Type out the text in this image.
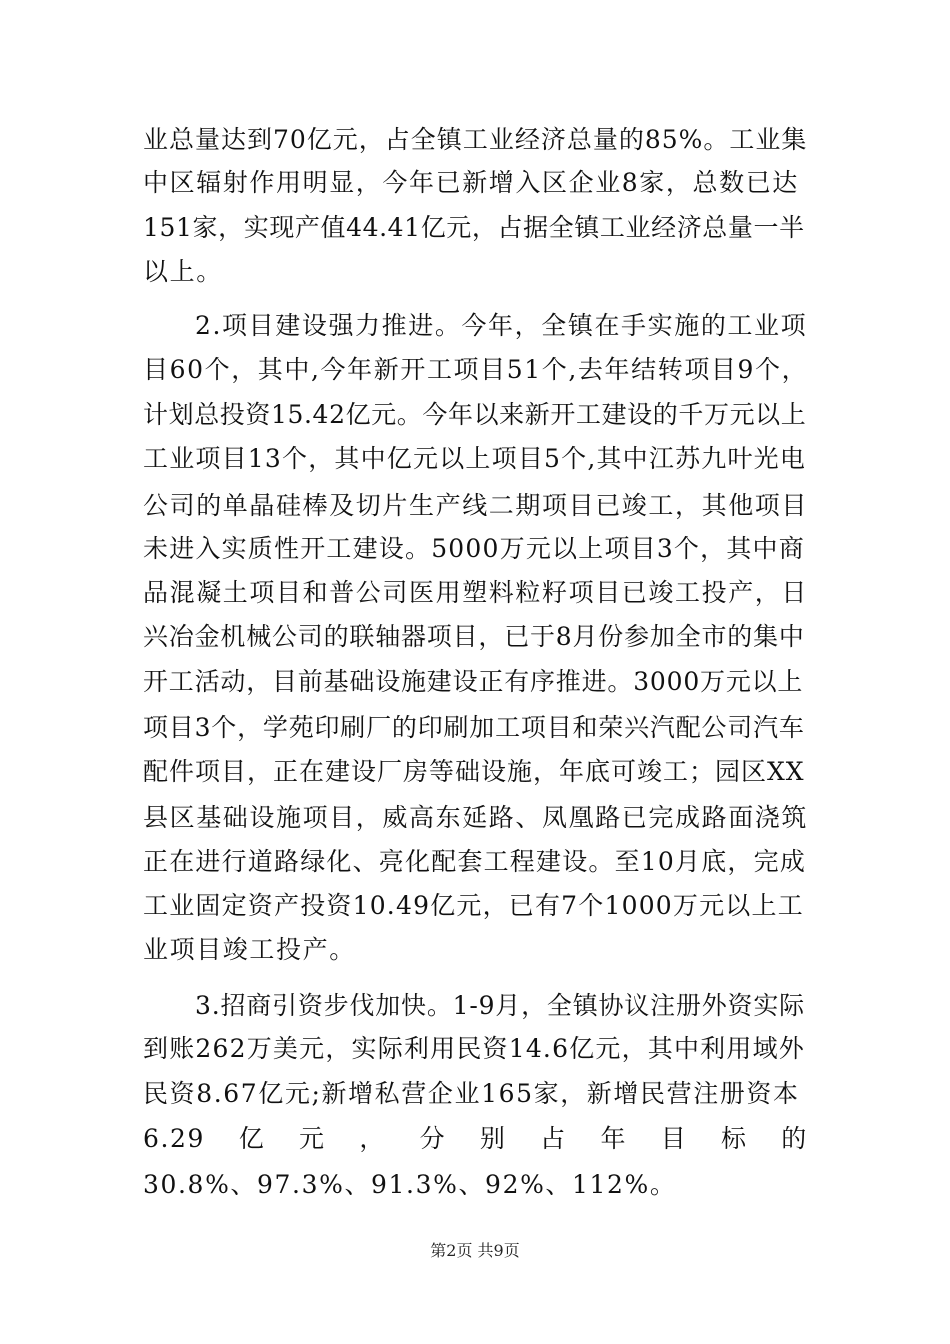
业总量达到70亿元，占全镇工业经济总量的85%。工业集
中区辐射作用明显，今年已新增入区企业8家，总数已达
151家，实现产值44.41亿元，占据全镇工业经济总量一半
以上。
2.项目建设强力推进。今年，全镇在手实施的工业项
目60个，其中,今年新开工项目51个,去年结转项目9个，
计划总投资15.42亿元。今年以来新开工建设的千万元以上
工业项目13个，其中亿元以上项目5个,其中江苏九叶光电
公司的单晶硅棒及切片生产线二期项目已竣工，其他项目
未进入实质性开工建设。5000万元以上项目3个，其中商
品混凝土项目和普公司医用塑料粒籽项目已竣工投产，日
兴冶金机械公司的联轴器项目，已于8月份参加全市的集中
开工活动，目前基础设施建设正有序推进。3000万元以上
项目3个，学苑印刷厂的印刷加工项目和荣兴汽配公司汽车
配件项目，正在建设厂房等础设施，年底可竣工；园区XX
县区基础设施项目，威高东延路、凤凰路已完成路面浇筑
正在进行道路绿化、亮化配套工程建设。至10月底，完成
工业固定资产投资10.49亿元，已有7个1000万元以上工
业项目竣工投产。
3.招商引资步伐加快。1-9月，全镇协议注册外资实际
到账262万美元，实际利用民资14.6亿元，其中利用域外
民资8.67亿元;新增私营企业165家，新增民营注册资本
6.29 亿 元 ， 分 别 占 年 目 标 的
30.8%、97.3%、91.3%、92%、112%。
第2页 共9页
